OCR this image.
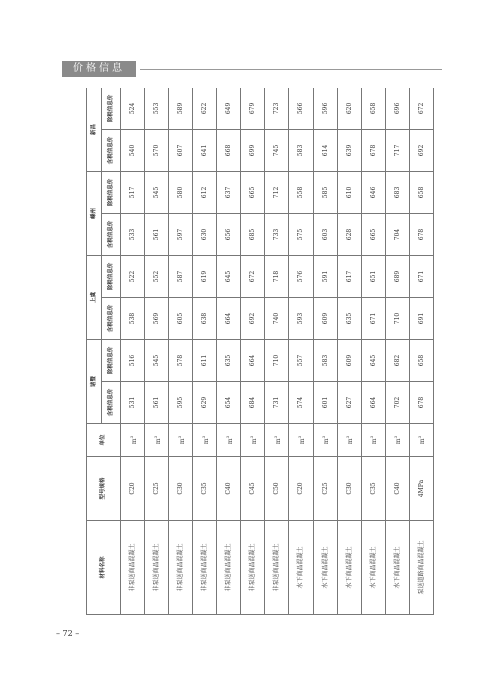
价格信息
材料名称	型号规格	单位	诸暨		上虞		嵊州		新昌	
			含税信息价	除税信息价	含税信息价	除税信息价	含税信息价	除税信息价	含税信息价	除税信息价
非泵送商品混凝土	C20	$m^3$	531	516	538	522	533	517	540	524
非泵送商品混凝土	C25	$m^3$	561	545	569	552	561	545	570	553
非泵送商品混凝土	C30	$m^3$	595	578	605	587	597	580	607	589
非泵送商品混凝土	C35	$m^3$	629	611	638	619	630	612	641	622
非泵送商品混凝土	C40	$m^3$	654	635	664	645	656	637	668	649
非泵送商品混凝土	C45	$m^3$	684	664	692	672	685	665	699	679
非泵送商品混凝土	C50	$m^3$	731	710	740	718	733	712	745	723
水下商品混凝土	C20	$m^3$	574	557	593	576	575	558	583	566
水下商品混凝土	C25	$m^3$	601	583	609	591	603	585	614	596
水下商品混凝土	C30	$m^3$	627	609	635	617	628	610	639	620
水下商品混凝土	C35	$m^3$	664	645	671	651	665	646	678	658
水下商品混凝土	C40	$m^3$	702	682	710	689	704	683	717	696
泵送道路商品混凝土	4MPa	$m^3$	678	658	691	671	678	658	692	672
– 72 –
